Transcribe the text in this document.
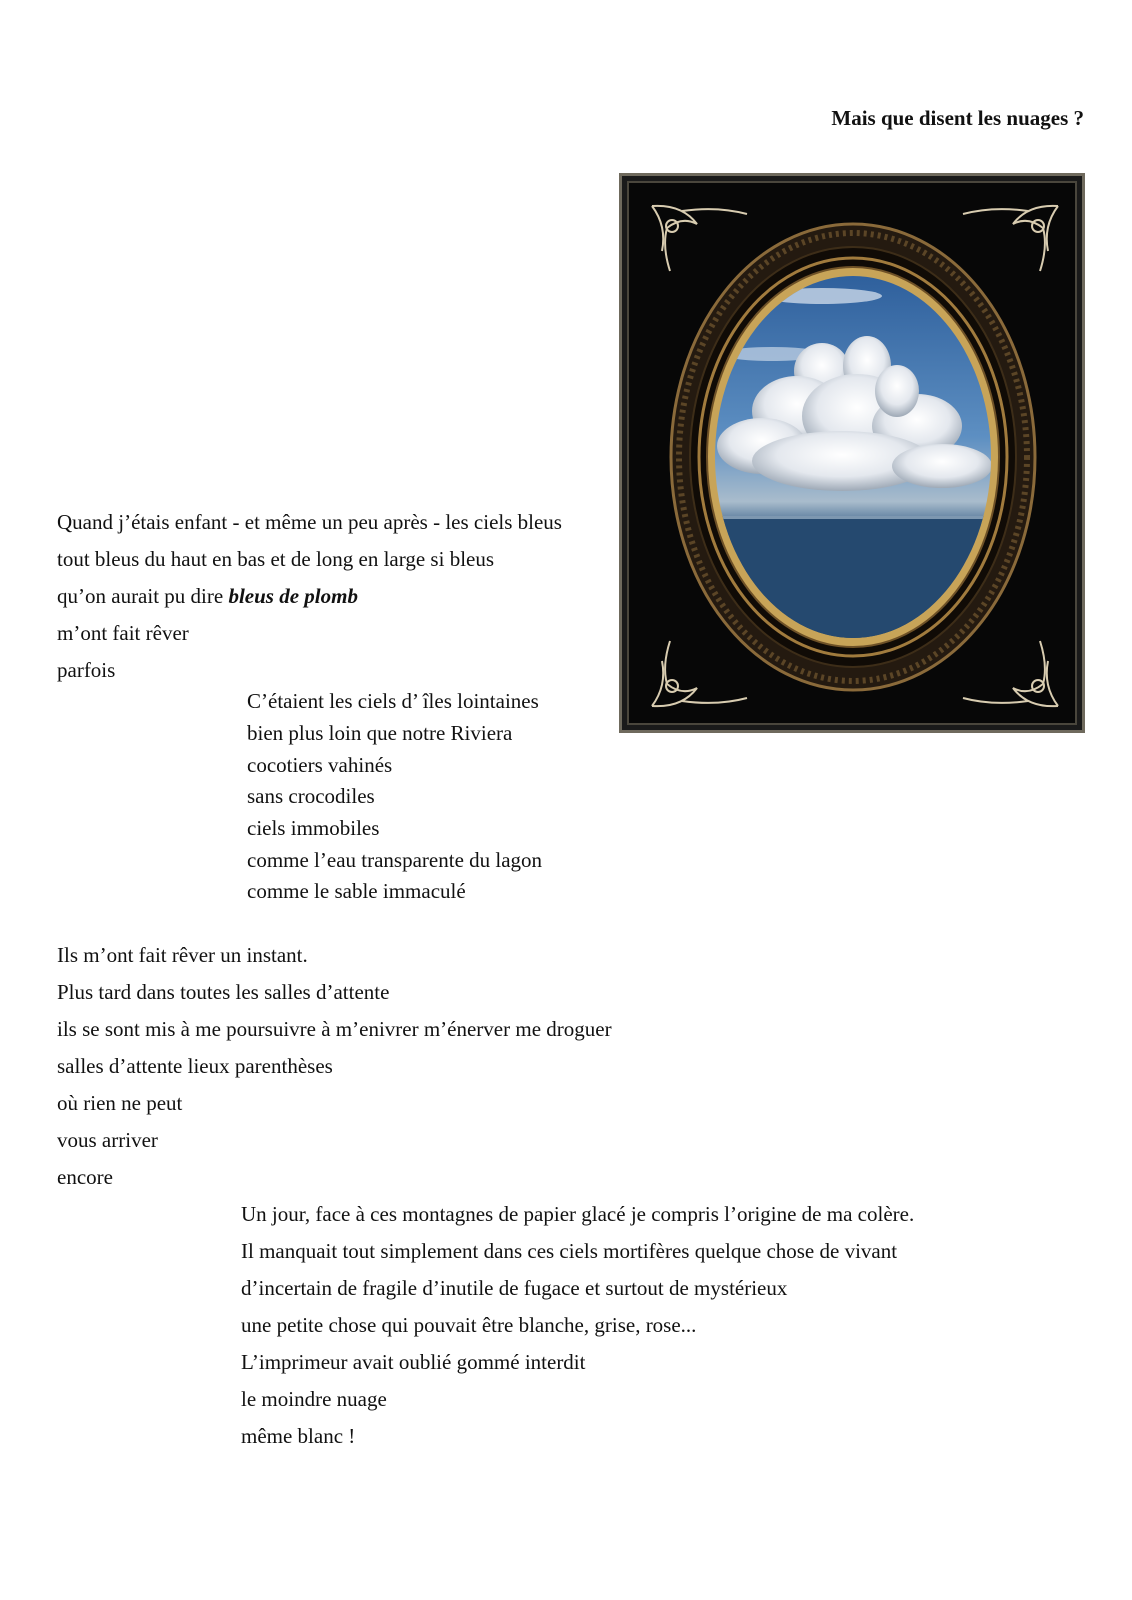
Mais que disent les nuages ?
Quand j’étais enfant - et même un peu après - les ciels bleus
tout bleus du haut en bas et de long en large si bleus
qu’on aurait pu dire bleus de plomb
m’ont fait rêver
parfois
C’étaient les ciels d’ îles lointaines
bien plus loin que notre Riviera
cocotiers vahinés
sans crocodiles
ciels immobiles
comme l’eau transparente du lagon
comme le sable immaculé
Ils m’ont fait rêver un instant.
Plus tard dans toutes les salles d’attente
ils se sont mis à me poursuivre à m’enivrer m’énerver me droguer
salles d’attente lieux parenthèses
où rien ne peut
vous arriver
encore
Un jour, face à ces montagnes de papier glacé je compris l’origine de ma colère.
Il manquait tout simplement dans ces ciels mortifères quelque chose de vivant
d’incertain de fragile d’inutile de fugace et surtout de mystérieux
une petite chose qui pouvait être blanche, grise, rose...
L’imprimeur avait oublié gommé interdit
le moindre nuage
même blanc !
